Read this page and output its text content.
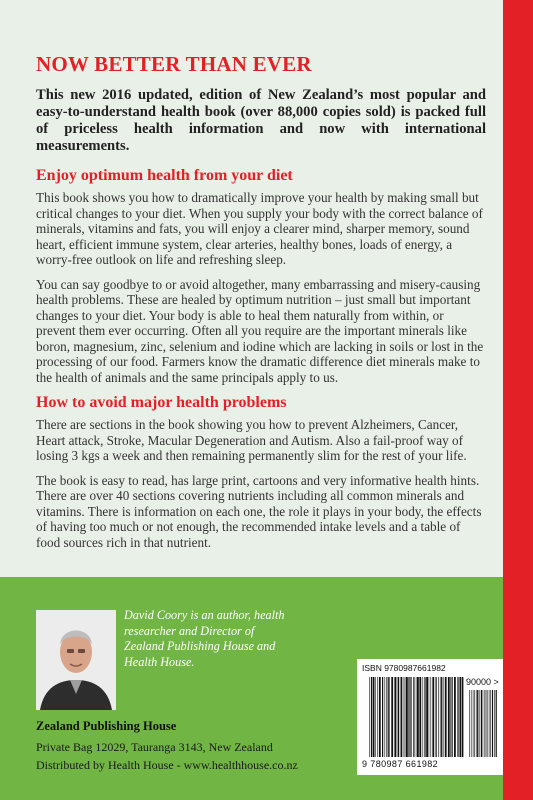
NOW BETTER THAN EVER

This new 2016 updated, edition of New Zealand’s most popular and easy-to-understand health book (over 88,000 copies sold) is packed full of priceless health information and now with international measurements.

Enjoy optimum health from your diet

This book shows you how to dramatically improve your health by making small but critical changes to your diet. When you supply your body with the correct balance of minerals, vitamins and fats, you will enjoy a clearer mind, sharper memory, sound heart, efficient immune system, clear arteries, healthy bones, loads of energy, a worry-free outlook on life and refreshing sleep.

You can say goodbye to or avoid altogether, many embarrassing and misery-causing health problems. These are healed by optimum nutrition – just small but important changes to your diet. Your body is able to heal them naturally from within, or prevent them ever occurring. Often all you require are the important minerals like boron, magnesium, zinc, selenium and iodine which are lacking in soils or lost in the processing of our food. Farmers know the dramatic difference diet minerals make to the health of animals and the same principals apply to us.

How to avoid major health problems

There are sections in the book showing you how to prevent Alzheimers, Cancer, Heart attack, Stroke, Macular Degeneration and Autism. Also a fail-proof way of losing 3 kgs a week and then remaining permanently slim for the rest of your life.

The book is easy to read, has large print, cartoons and very informative health hints. There are over 40 sections covering nutrients including all common minerals and vitamins. There is information on each one, the role it plays in your body, the effects of having too much or not enough, the recommended intake levels and a table of food sources rich in that nutrient.

David Coory is an author, health researcher and Director of Zealand Publishing House and Health House.
Zealand Publishing House
Private Bag 12029, Tauranga 3143, New Zealand
Distributed by Health House - www.healthhouse.co.nz
ISBN 9780987661982
90000 >
9 780987 661982
